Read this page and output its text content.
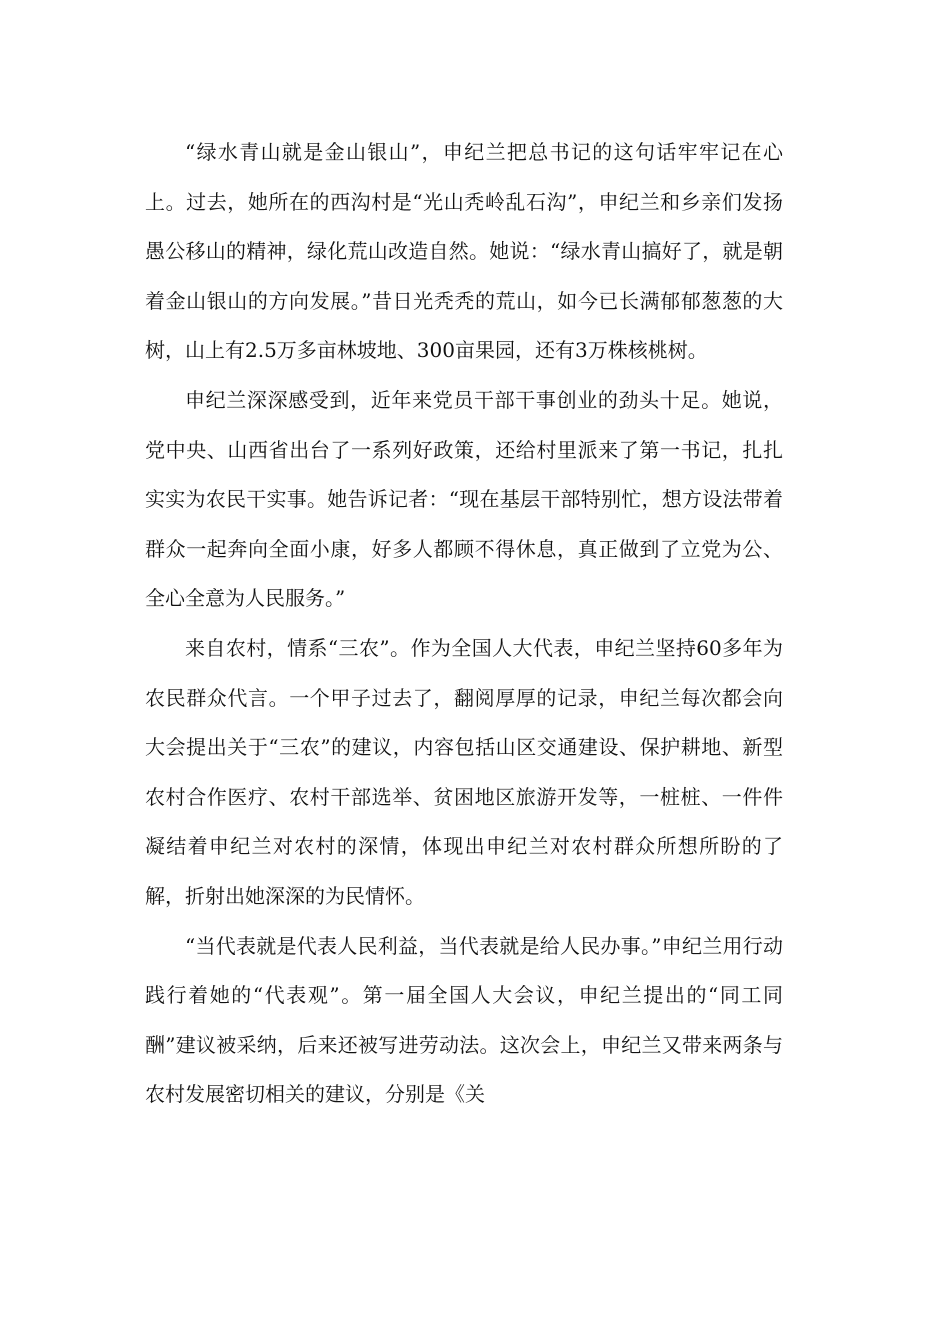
“绿水青山就是金山银山”，申纪兰把总书记的这句话牢牢记在心上。过去，她所在的西沟村是“光山秃岭乱石沟”，申纪兰和乡亲们发扬愚公移山的精神，绿化荒山改造自然。她说：“绿水青山搞好了，就是朝着金山银山的方向发展。”昔日光秃秃的荒山，如今已长满郁郁葱葱的大树，山上有2.5万多亩林坡地、300亩果园，还有3万株核桃树。

申纪兰深深感受到，近年来党员干部干事创业的劲头十足。她说，党中央、山西省出台了一系列好政策，还给村里派来了第一书记，扎扎实实为农民干实事。她告诉记者：“现在基层干部特别忙，想方设法带着群众一起奔向全面小康，好多人都顾不得休息，真正做到了立党为公、全心全意为人民服务。”

来自农村，情系“三农”。作为全国人大代表，申纪兰坚持60多年为农民群众代言。一个甲子过去了，翻阅厚厚的记录，申纪兰每次都会向大会提出关于“三农”的建议，内容包括山区交通建设、保护耕地、新型农村合作医疗、农村干部选举、贫困地区旅游开发等，一桩桩、一件件凝结着申纪兰对农村的深情，体现出申纪兰对农村群众所想所盼的了解，折射出她深深的为民情怀。

“当代表就是代表人民利益，当代表就是给人民办事。”申纪兰用行动践行着她的“代表观”。第一届全国人大会议，申纪兰提出的“同工同酬”建议被采纳，后来还被写进劳动法。这次会上，申纪兰又带来两条与农村发展密切相关的建议，分别是《关
